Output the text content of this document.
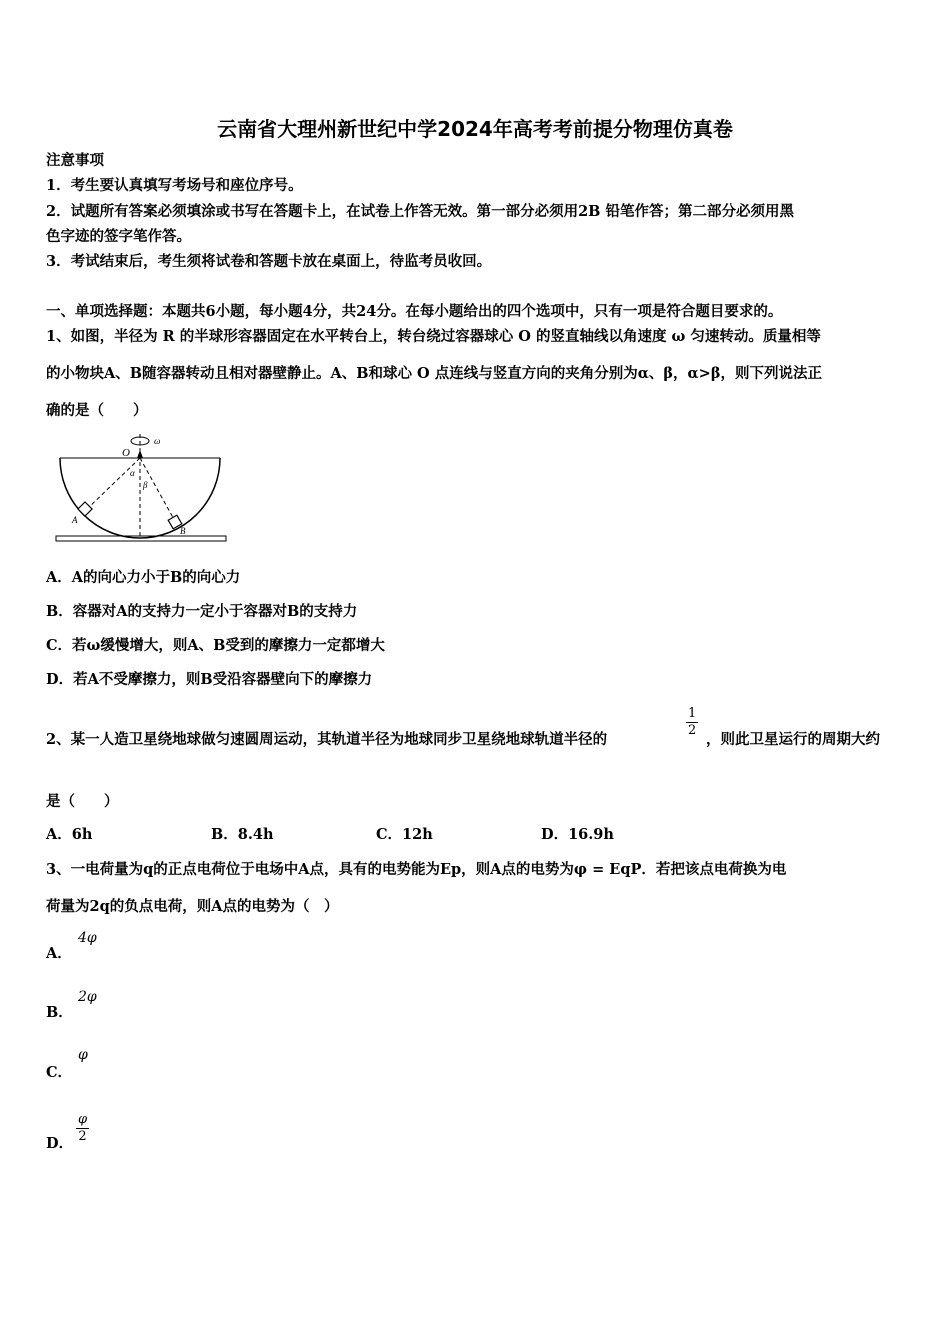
云南省大理州新世纪中学2024年高考考前提分物理仿真卷
注意事项
1．考生要认真填写考场号和座位序号。
2．试题所有答案必须填涂或书写在答题卡上，在试卷上作答无效。第一部分必须用2B 铅笔作答；第二部分必须用黑
色字迹的签字笔作答。
3．考试结束后，考生须将试卷和答题卡放在桌面上，待监考员收回。
一、单项选择题：本题共6小题，每小题4分，共24分。在每小题给出的四个选项中，只有一项是符合题目要求的。
1、如图，半径为 R 的半球形容器固定在水平转台上，转台绕过容器球心 O 的竖直轴线以角速度 ω 匀速转动。质量相等
的小物块A、B随容器转动且相对器壁静止。A、B和球心 O 点连线与竖直方向的夹角分别为α、β，α>β，则下列说法正
确的是（　　）
O
ω
α
β
A
B
A．A的向心力小于B的向心力
B．容器对A的支持力一定小于容器对B的支持力
C．若ω缓慢增大，则A、B受到的摩擦力一定都增大
D．若A不受摩擦力，则B受沿容器壁向下的摩擦力
2、某一人造卫星绕地球做匀速圆周运动，其轨道半径为地球同步卫星绕地球轨道半径的
$\frac{1}{2}$
，则此卫星运行的周期大约
是（　　）
A．6h	B．8.4h	C．12h	D．16.9h
3、一电荷量为q的正点电荷位于电场中A点，具有的电势能为Ep，则A点的电势为φ = EqP．若把该点电荷换为电
荷量为2q的负点电荷，则A点的电势为（　）
A．
4φ
B．
2φ
C．
φ
D． $\frac{\varphi}{2}$
